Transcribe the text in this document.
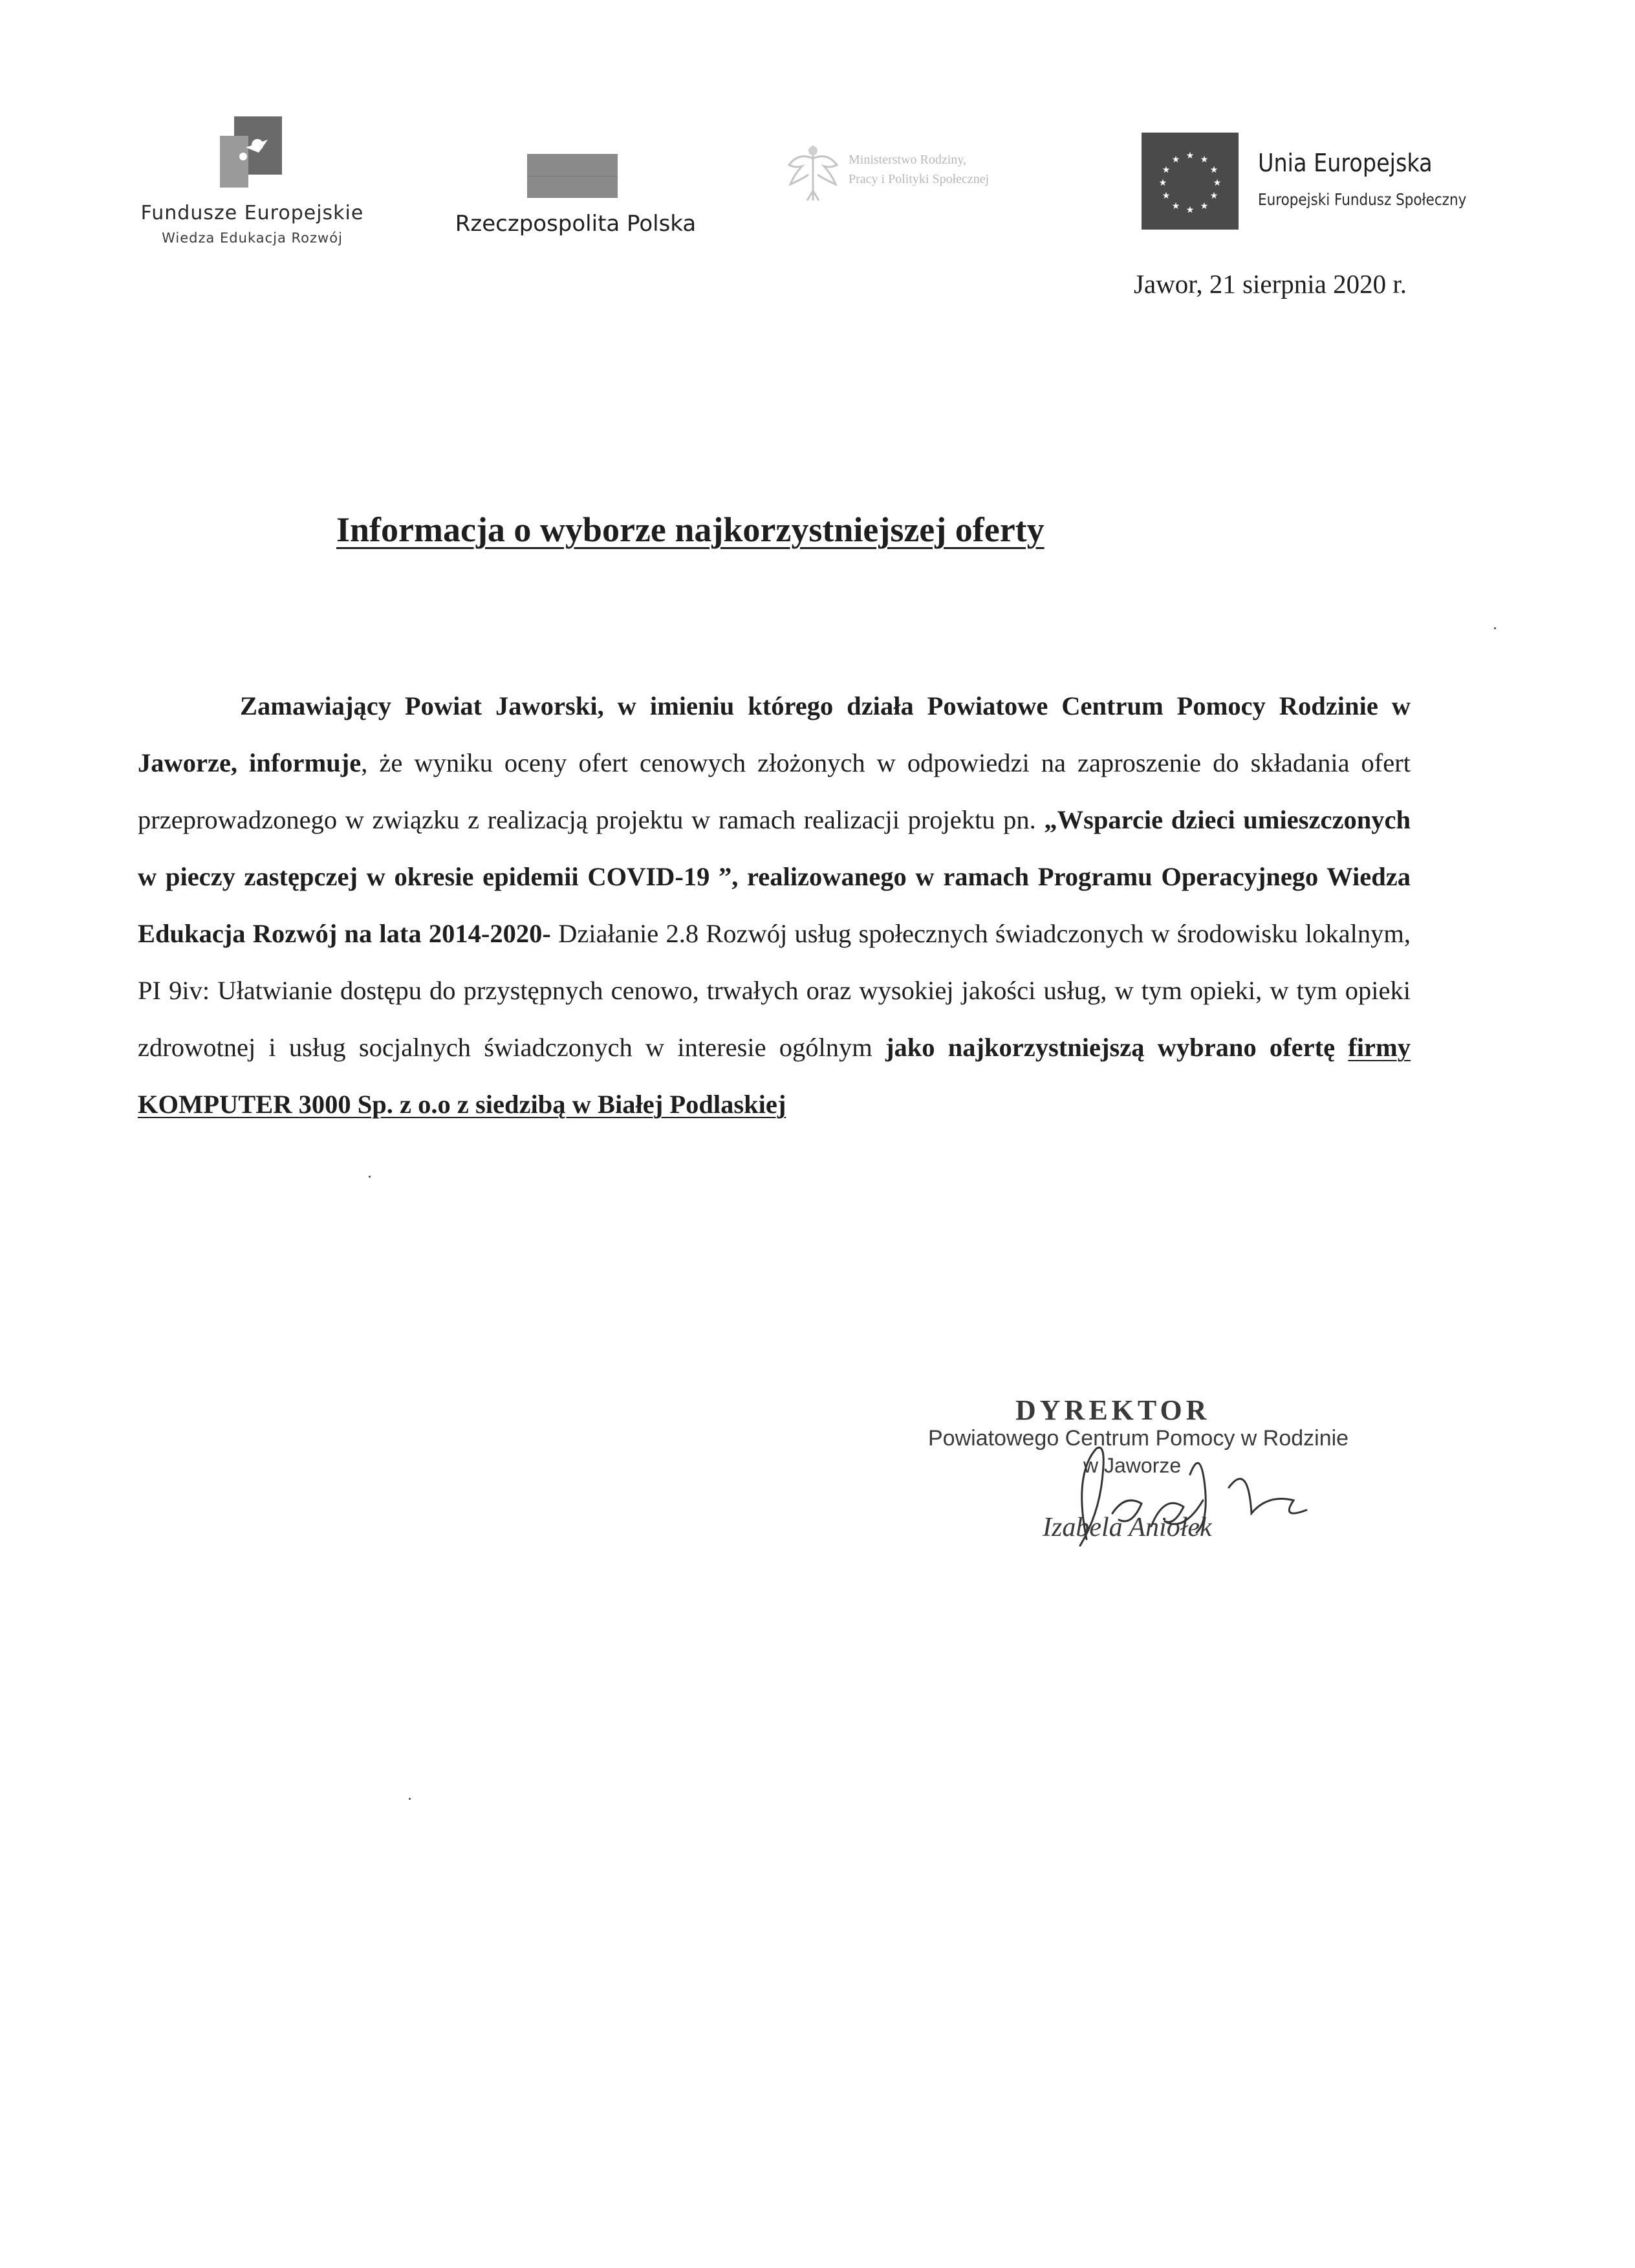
Fundusze Europejskie
Wiedza Edukacja Rozwój
Rzeczpospolita Polska
Ministerstwo Rodziny,
Pracy i Polityki Społecznej
★ ★
★
★
★
★
★
★
★
★
★
★	Unia Europejska
Europejski Fundusz Społeczny
Jawor, 21 sierpnia 2020 r.
Informacja o wyborze najkorzystniejszej oferty

Zamawiający Powiat Jaworski, w imieniu którego działa Powiatowe Centrum Pomocy Rodzinie w Jaworze, informuje, że wyniku oceny ofert cenowych złożonych w odpowiedzi na zaproszenie do składania ofert przeprowadzonego w związku z realizacją projektu w ramach realizacji projektu pn. „Wsparcie dzieci umieszczonych w pieczy zastępczej w okresie epidemii COVID-19 ”, realizowanego w ramach Programu Operacyjnego Wiedza Edukacja Rozwój na lata 2014-2020- Działanie 2.8 Rozwój usług społecznych świadczonych w środowisku lokalnym, PI 9iv: Ułatwianie dostępu do przystępnych cenowo, trwałych oraz wysokiej jakości usług, w tym opieki, w tym opieki zdrowotnej i usług socjalnych świadczonych w interesie ogólnym jako najkorzystniejszą wybrano ofertę firmy KOMPUTER 3000 Sp. z o.o z siedzibą w Białej Podlaskiej

DYREKTOR
Powiatowego Centrum Pomocy w Rodzinie
w Jaworze
Izabela Aniołek
